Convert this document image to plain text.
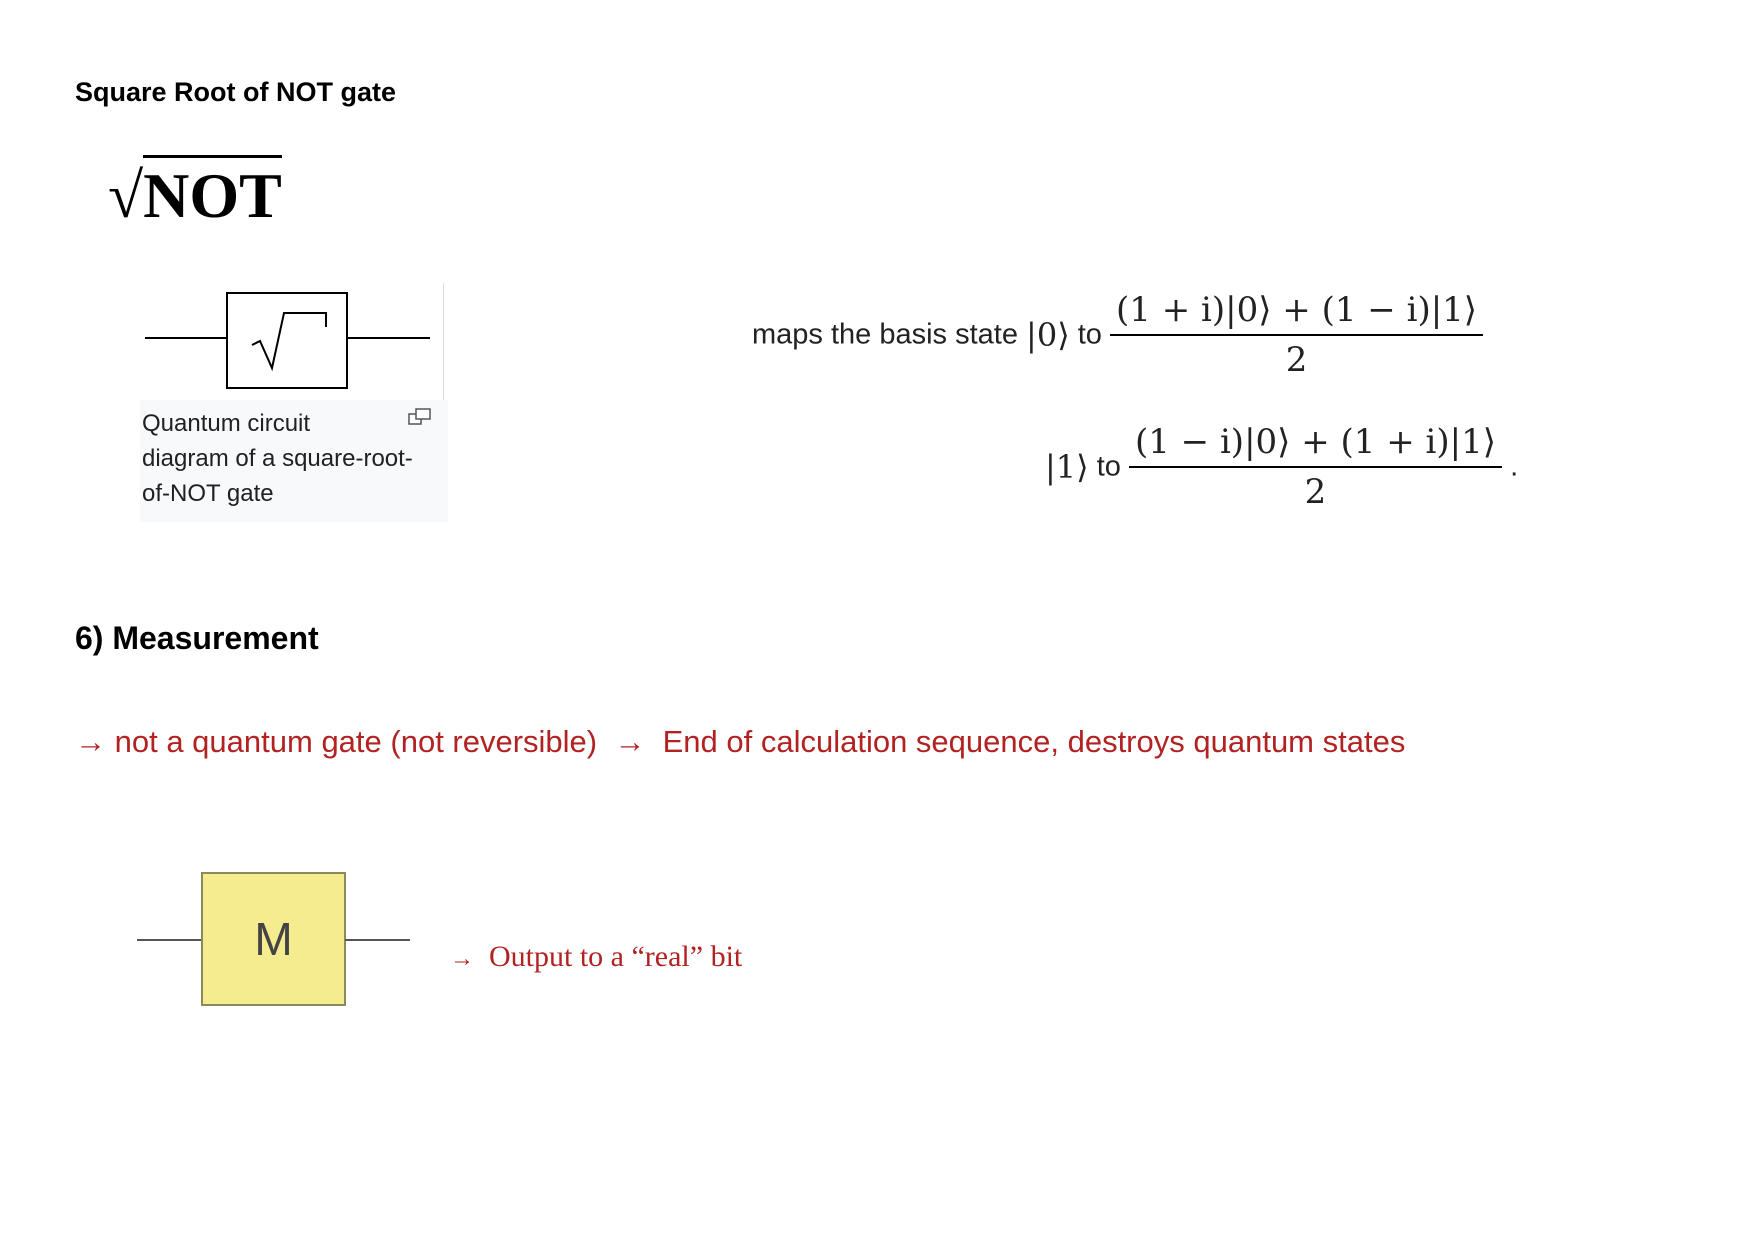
Square Root of NOT gate
√NOT
Quantum circuit
diagram of a square-root-
of-NOT gate
maps the basis state |0⟩ to $\frac{(1 + i)|0⟩ + (1 - i)|1⟩}{2}$
|1⟩ to $\frac{(1 - i)|0⟩ + (1 + i)|1⟩}{2}$ .
6) Measurement
→ not a quantum gate (not reversible) → End of calculation sequence, destroys quantum states
M	→ Output to a “real” bit
